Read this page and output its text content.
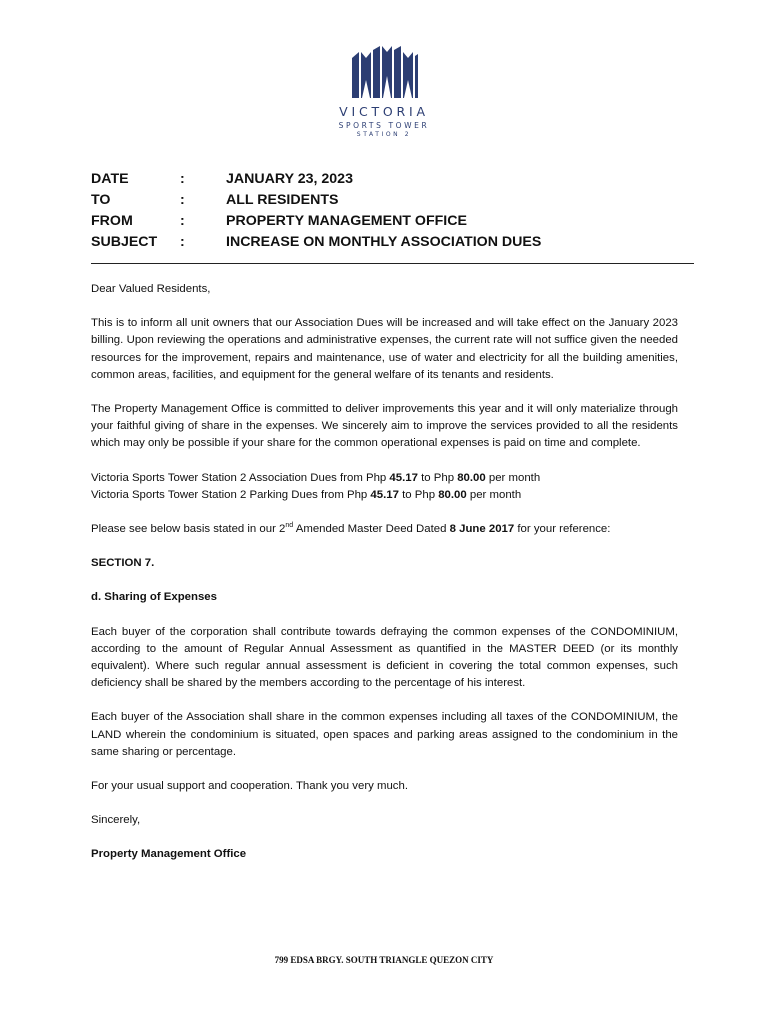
VICTORIA
SPORTS TOWER
STATION 2
DATE	:	JANUARY 23, 2023
TO	:	ALL RESIDENTS
FROM	:	PROPERTY MANAGEMENT OFFICE
SUBJECT	:	INCREASE ON MONTHLY ASSOCIATION DUES

Dear Valued Residents,

This is to inform all unit owners that our Association Dues will be increased and will take effect on the January 2023 billing. Upon reviewing the operations and administrative expenses, the current rate will not suffice given the needed resources for the improvement, repairs and maintenance, use of water and electricity for all the building amenities, common areas, facilities, and equipment for the general welfare of its tenants and residents.

The Property Management Office is committed to deliver improvements this year and it will only materialize through your faithful giving of share in the expenses. We sincerely aim to improve the services provided to all the residents which may only be possible if your share for the common operational expenses is paid on time and complete.

Victoria Sports Tower Station 2 Association Dues from Php 45.17 to Php 80.00 per month

Victoria Sports Tower Station 2 Parking Dues from Php 45.17 to Php 80.00 per month

Please see below basis stated in our 2nd Amended Master Deed Dated 8 June 2017 for your reference:

SECTION 7.

d. Sharing of Expenses

Each buyer of the corporation shall contribute towards defraying the common expenses of the CONDOMINIUM, according to the amount of Regular Annual Assessment as quantified in the MASTER DEED (or its monthly equivalent). Where such regular annual assessment is deficient in covering the total common expenses, such deficiency shall be shared by the members according to the percentage of his interest.

Each buyer of the Association shall share in the common expenses including all taxes of the CONDOMINIUM, the LAND wherein the condominium is situated, open spaces and parking areas assigned to the condominium in the same sharing or percentage.

For your usual support and cooperation. Thank you very much.

Sincerely,

Property Management Office

799 EDSA BRGY. SOUTH TRIANGLE QUEZON CITY
